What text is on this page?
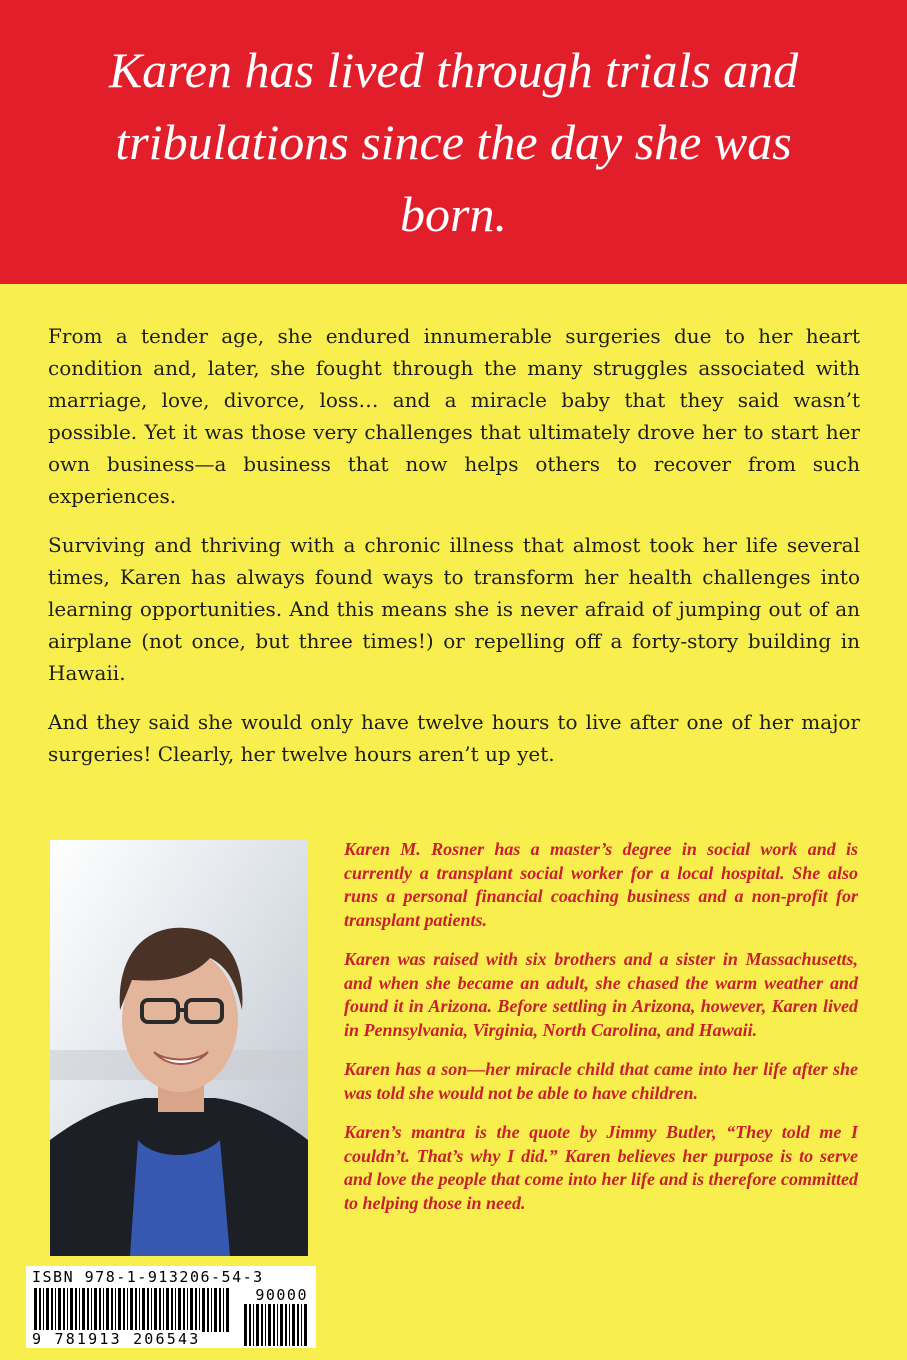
Karen has lived through trials and tribulations since the day she was born.

From a tender age, she endured innumerable surgeries due to her heart condition and, later, she fought through the many struggles associated with marriage, love, divorce, loss… and a miracle baby that they said wasn’t possible. Yet it was those very challenges that ultimately drove her to start her own business—a business that now helps others to recover from such experiences.

Surviving and thriving with a chronic illness that almost took her life several times, Karen has always found ways to transform her health challenges into learning opportunities. And this means she is never afraid of jumping out of an airplane (not once, but three times!) or repelling off a forty-story building in Hawaii.

And they said she would only have twelve hours to live after one of her major surgeries! Clearly, her twelve hours aren’t up yet.

ISBN 978-1-913206-54-3
90000
9 781913 206543

Karen M. Rosner has a master’s degree in social work and is currently a transplant social worker for a local hospital. She also runs a personal financial coaching business and a non-profit for transplant patients.

Karen was raised with six brothers and a sister in Massachusetts, and when she became an adult, she chased the warm weather and found it in Arizona. Before settling in Arizona, however, Karen lived in Pennsylvania, Virginia, North Carolina, and Hawaii.

Karen has a son—her miracle child that came into her life after she was told she would not be able to have children.

Karen’s mantra is the quote by Jimmy Butler, “They told me I couldn’t. That’s why I did.” Karen believes her purpose is to serve and love the people that come into her life and is therefore committed to helping those in need.
